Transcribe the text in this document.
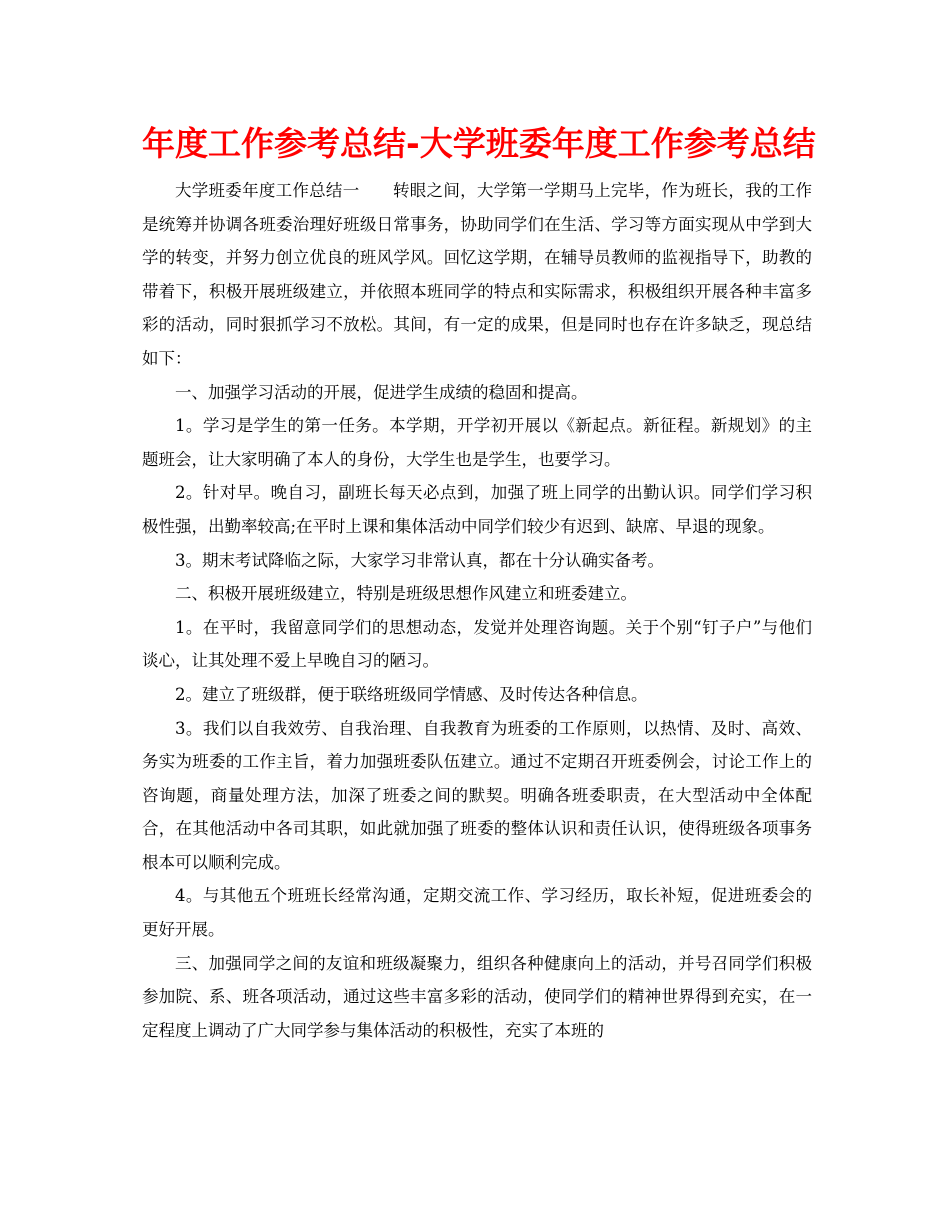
年度工作参考总结-大学班委年度工作参考总结

大学班委年度工作总结一　　转眼之间，大学第一学期马上完毕，作为班长，我的工作是统筹并协调各班委治理好班级日常事务，协助同学们在生活、学习等方面实现从中学到大学的转变，并努力创立优良的班风学风。回忆这学期，在辅导员教师的监视指导下，助教的带着下，积极开展班级建立，并依照本班同学的特点和实际需求，积极组织开展各种丰富多彩的活动，同时狠抓学习不放松。其间，有一定的成果，但是同时也存在许多缺乏，现总结如下：

一、加强学习活动的开展，促进学生成绩的稳固和提高。

1。学习是学生的第一任务。本学期，开学初开展以《新起点。新征程。新规划》的主题班会，让大家明确了本人的身份，大学生也是学生，也要学习。

2。针对早。晚自习，副班长每天必点到，加强了班上同学的出勤认识。同学们学习积极性强，出勤率较高;在平时上课和集体活动中同学们较少有迟到、缺席、早退的现象。

3。期末考试降临之际，大家学习非常认真，都在十分认确实备考。

二、积极开展班级建立，特别是班级思想作风建立和班委建立。

1。在平时，我留意同学们的思想动态，发觉并处理咨询题。关于个别“钉子户”与他们谈心，让其处理不爱上早晚自习的陋习。

2。建立了班级群，便于联络班级同学情感、及时传达各种信息。

3。我们以自我效劳、自我治理、自我教育为班委的工作原则，以热情、及时、高效、务实为班委的工作主旨，着力加强班委队伍建立。通过不定期召开班委例会，讨论工作上的咨询题，商量处理方法，加深了班委之间的默契。明确各班委职责，在大型活动中全体配合，在其他活动中各司其职，如此就加强了班委的整体认识和责任认识，使得班级各项事务根本可以顺利完成。

4。与其他五个班班长经常沟通，定期交流工作、学习经历，取长补短，促进班委会的更好开展。

三、加强同学之间的友谊和班级凝聚力，组织各种健康向上的活动，并号召同学们积极参加院、系、班各项活动，通过这些丰富多彩的活动，使同学们的精神世界得到充实，在一定程度上调动了广大同学参与集体活动的积极性，充实了本班的
